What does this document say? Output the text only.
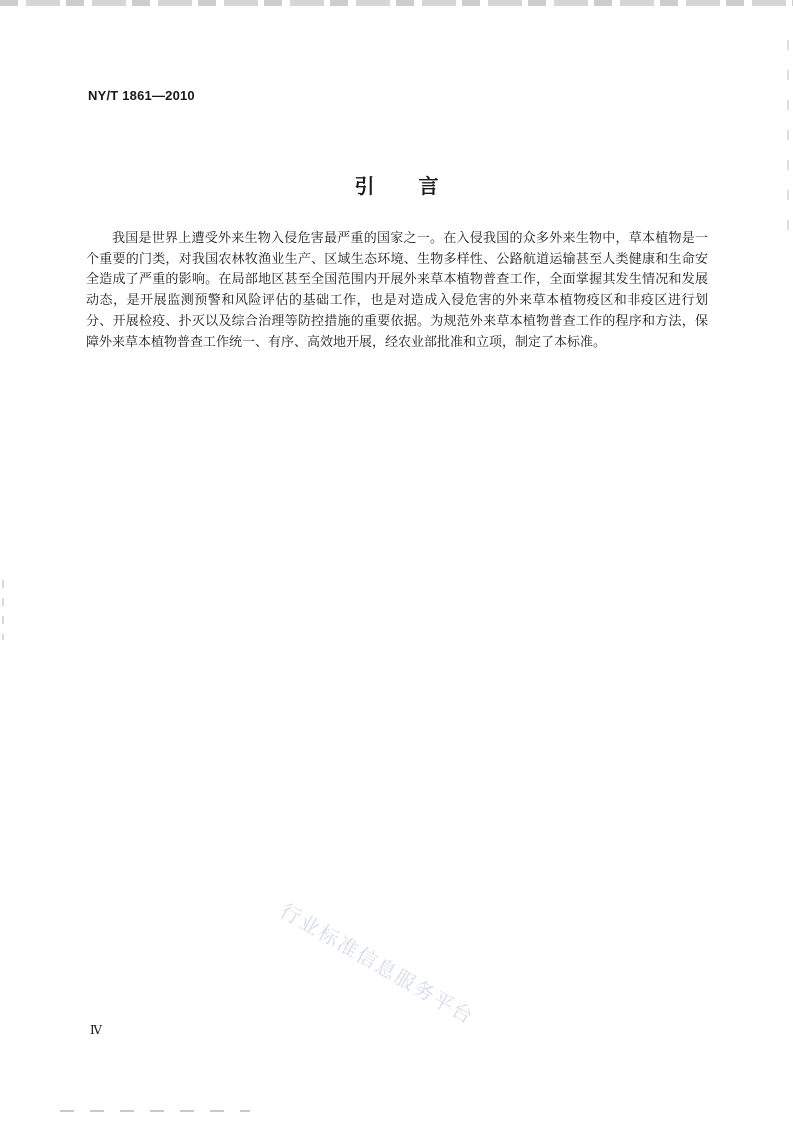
NY/T 1861—2010
引言

我国是世界上遭受外来生物入侵危害最严重的国家之一。在入侵我国的众多外来生物中，草本植物是一个重要的门类，对我国农林牧渔业生产、区域生态环境、生物多样性、公路航道运输甚至人类健康和生命安全造成了严重的影响。在局部地区甚至全国范围内开展外来草本植物普查工作，全面掌握其发生情况和发展动态，是开展监测预警和风险评估的基础工作，也是对造成入侵危害的外来草本植物疫区和非疫区进行划分、开展检疫、扑灭以及综合治理等防控措施的重要依据。为规范外来草本植物普查工作的程序和方法，保障外来草本植物普查工作统一、有序、高效地开展，经农业部批准和立项，制定了本标准。

行业标准信息服务平台
Ⅳ
